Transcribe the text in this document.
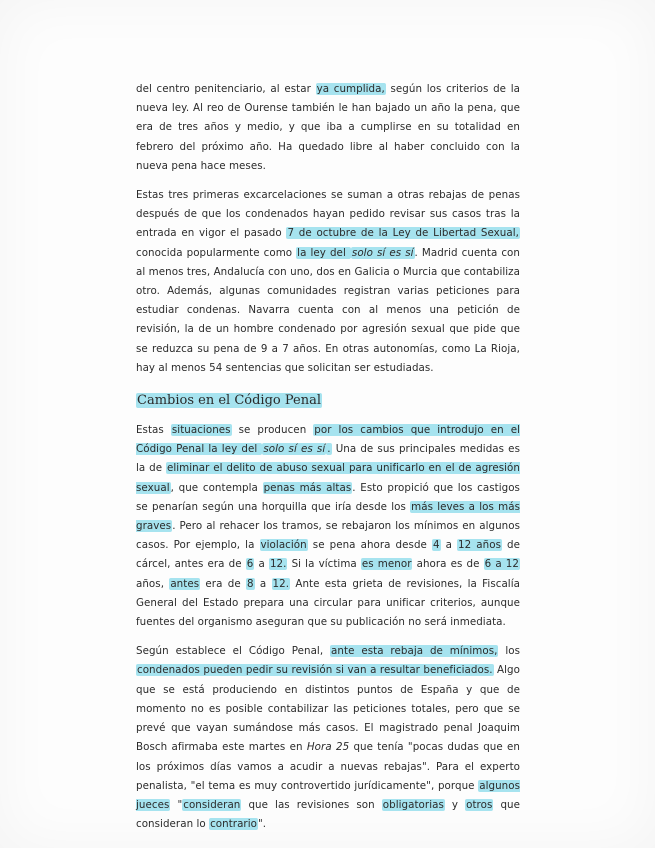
del centro penitenciario, al estar ya cumplida, según los criterios de la nueva ley. Al reo de Ourense también le han bajado un año la pena, que era de tres años y medio, y que iba a cumplirse en su totalidad en febrero del próximo año. Ha quedado libre al haber concluido con la nueva pena hace meses.

Estas tres primeras excarcelaciones se suman a otras rebajas de penas después de que los condenados hayan pedido revisar sus casos tras la entrada en vigor el pasado 7 de octubre de la Ley de Libertad Sexual, conocida popularmente como la ley del solo sí es sí. Madrid cuenta con al menos tres, Andalucía con uno, dos en Galicia o Murcia que contabiliza otro. Además, algunas comunidades registran varias peticiones para estudiar condenas. Navarra cuenta con al menos una petición de revisión, la de un hombre condenado por agresión sexual que pide que se reduzca su pena de 9 a 7 años. En otras autonomías, como La Rioja, hay al menos 54 sentencias que solicitan ser estudiadas.

Cambios en el Código Penal

Estas situaciones se producen por los cambios que introdujo en el Código Penal la ley del solo sí es sí . Una de sus principales medidas es la de eliminar el delito de abuso sexual para unificarlo en el de agresión sexual, que contempla penas más altas. Esto propició que los castigos se penarían según una horquilla que iría desde los más leves a los más graves. Pero al rehacer los tramos, se rebajaron los mínimos en algunos casos. Por ejemplo, la violación se pena ahora desde 4 a 12 años de cárcel, antes era de 6 a 12. Si la víctima es menor ahora es de 6 a 12 años, antes era de 8 a 12. Ante esta grieta de revisiones, la Fiscalía General del Estado prepara una circular para unificar criterios, aunque fuentes del organismo aseguran que su publicación no será inmediata.

Según establece el Código Penal, ante esta rebaja de mínimos, los condenados pueden pedir su revisión si van a resultar beneficiados. Algo que se está produciendo en distintos puntos de España y que de momento no es posible contabilizar las peticiones totales, pero que se prevé que vayan sumándose más casos. El magistrado penal Joaquim Bosch afirmaba este martes en Hora 25 que tenía "pocas dudas que en los próximos días vamos a acudir a nuevas rebajas". Para el experto penalista, "el tema es muy controvertido jurídicamente", porque algunos jueces "consideran que las revisiones son obligatorias y otros que consideran lo contrario".
